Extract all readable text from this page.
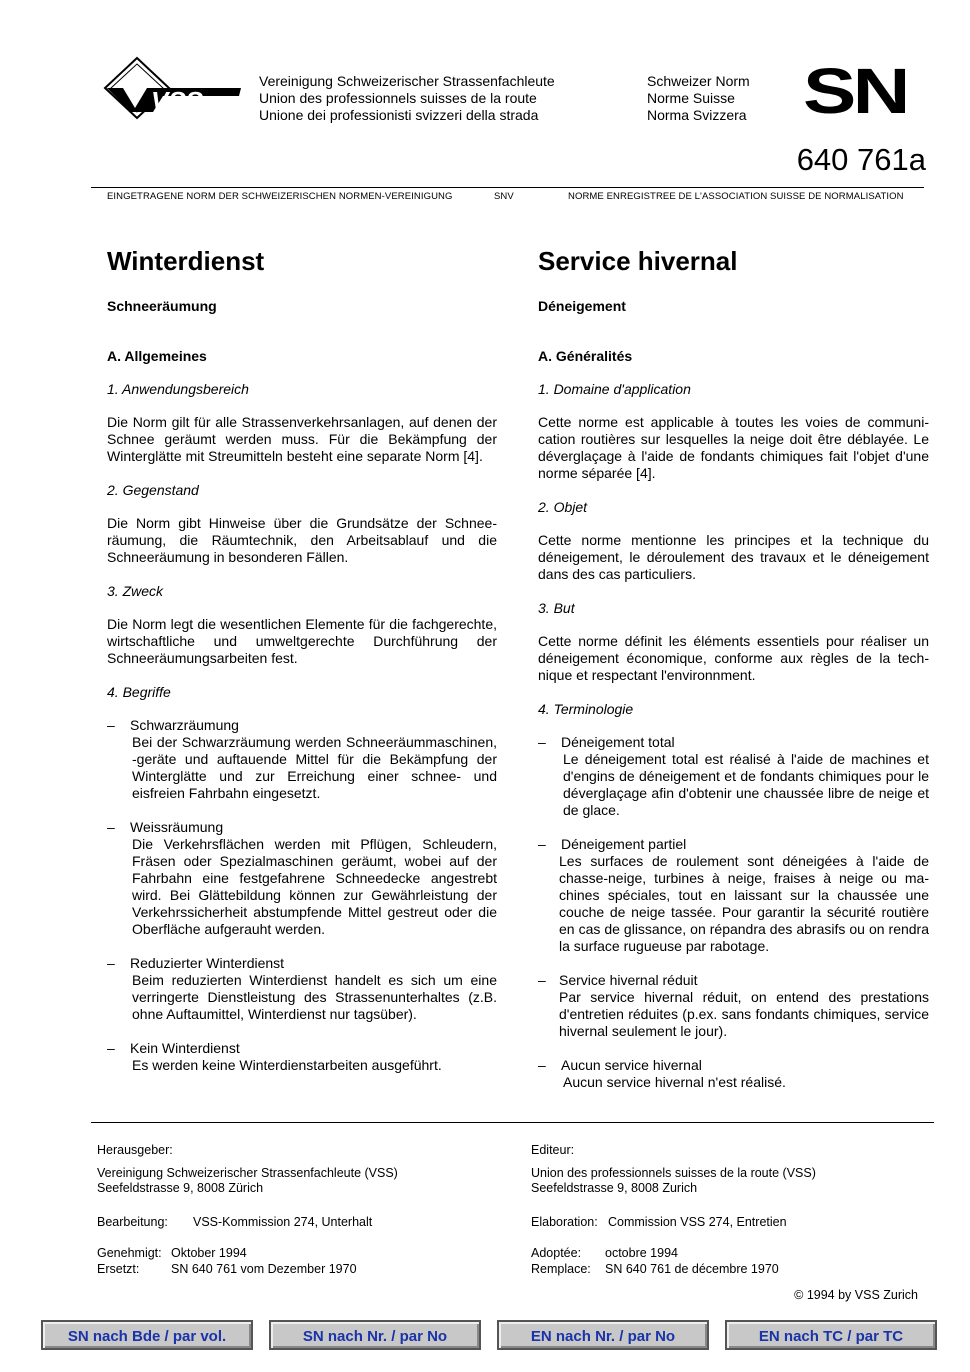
VSS
Vereinigung Schweizerischer Strassenfachleute
Union des professionnels suisses de la route
Unione dei professionisti svizzeri della strada
Schweizer Norm
Norme Suisse
Norma Svizzera SN
640 761a
EINGETRAGENE NORM DER SCHWEIZERISCHEN NORMEN-VEREINIGUNG	SNV	NORME ENREGISTREE DE L'ASSOCIATION SUISSE DE NORMALISATION
Winterdienst
Schneeräumung
A. Allgemeines
1. Anwendungsbereich
Die Norm gilt für alle Strassenverkehrsanlagen, auf denen der Schnee geräumt werden muss. Für die Bekämpfung der Winterglätte mit Streumitteln besteht eine separate Norm [4].
2. Gegenstand
Die Norm gibt Hinweise über die Grundsätze der Schneeräumung, die Räumtechnik, den Arbeitsablauf und die Schneeräumung in besonderen Fällen.
3. Zweck
Die Norm legt die wesentlichen Elemente für die fachgerechte, wirtschaftliche und umweltgerechte Durchführung der Schneeräumungsarbeiten fest.
4. Begriffe
–	Schwarzräumung
Bei der Schwarzräumung werden Schneeräummaschinen, -geräte und auftauende Mittel für die Bekämpfung der Winterglätte und zur Erreichung einer schnee- und eisfreien Fahrbahn eingesetzt.
–	Weissräumung
Die Verkehrsflächen werden mit Pflügen, Schleudern, Fräsen oder Spezialmaschinen geräumt, wobei auf der Fahrbahn eine festgefahrene Schneedecke angestrebt wird. Bei Glättebildung können zur Gewährleistung der Verkehrssicherheit abstumpfende Mittel gestreut oder die Oberfläche aufgerauht werden.
–	Reduzierter Winterdienst
Beim reduzierten Winterdienst handelt es sich um eine verringerte Dienstleistung des Strassenunterhaltes (z.B. ohne Auftaumittel, Winterdienst nur tagsüber).
–	Kein Winterdienst
Es werden keine Winterdienstarbeiten ausgeführt.
Service hivernal
Déneigement
A. Généralités
1. Domaine d'application
Cette norme est applicable à toutes les voies de communication routières sur lesquelles la neige doit être déblayée. Le déverglaçage à l'aide de fondants chimiques fait l'objet d'une norme séparée [4].
2. Objet
Cette norme mentionne les principes et la technique du déneigement, le déroulement des travaux et le déneigement dans des cas particuliers.
3. But
Cette norme définit les éléments essentiels pour réaliser un déneigement économique, conforme aux règles de la technique et respectant l'environnment.
4. Terminologie
–	Déneigement total
Le déneigement total est réalisé à l'aide de machines et d'engins de déneigement et de fondants chimiques pour le déverglaçage afin d'obtenir une chaussée libre de neige et de glace.
–	Déneigement partiel
Les surfaces de roulement sont déneigées à l'aide de chasse-neige, turbines à neige, fraises à neige ou machines spéciales, tout en laissant sur la chaussée une couche de neige tassée. Pour garantir la sécurité routière en cas de glissance, on répandra des abrasifs ou on rendra la surface rugueuse par rabotage.
– Service hivernal réduit
Par service hivernal réduit, on entend des prestations d'entretien réduites (p.ex. sans fondants chimiques, service hivernal seulement le jour).
–	Aucun service hivernal
Aucun service hivernal n'est réalisé.
Herausgeber:
Vereinigung Schweizerischer Strassenfachleute (VSS)
Seefeldstrasse 9, 8008 Zürich
Bearbeitung: VSS-Kommission 274, Unterhalt
Genehmigt: Oktober 1994
Ersetzt:	SN 640 761 vom Dezember 1970
Editeur:
Union des professionnels suisses de la route (VSS)
Seefeldstrasse 9, 8008 Zurich
Elaboration: Commission VSS 274, Entretien
Adoptée: octobre 1994
Remplace: SN 640 761 de décembre 1970
© 1994 by VSS Zurich
SN nach Bde / par vol.	SN nach Nr. / par No	EN nach Nr. / par No	EN nach TC / par TC
